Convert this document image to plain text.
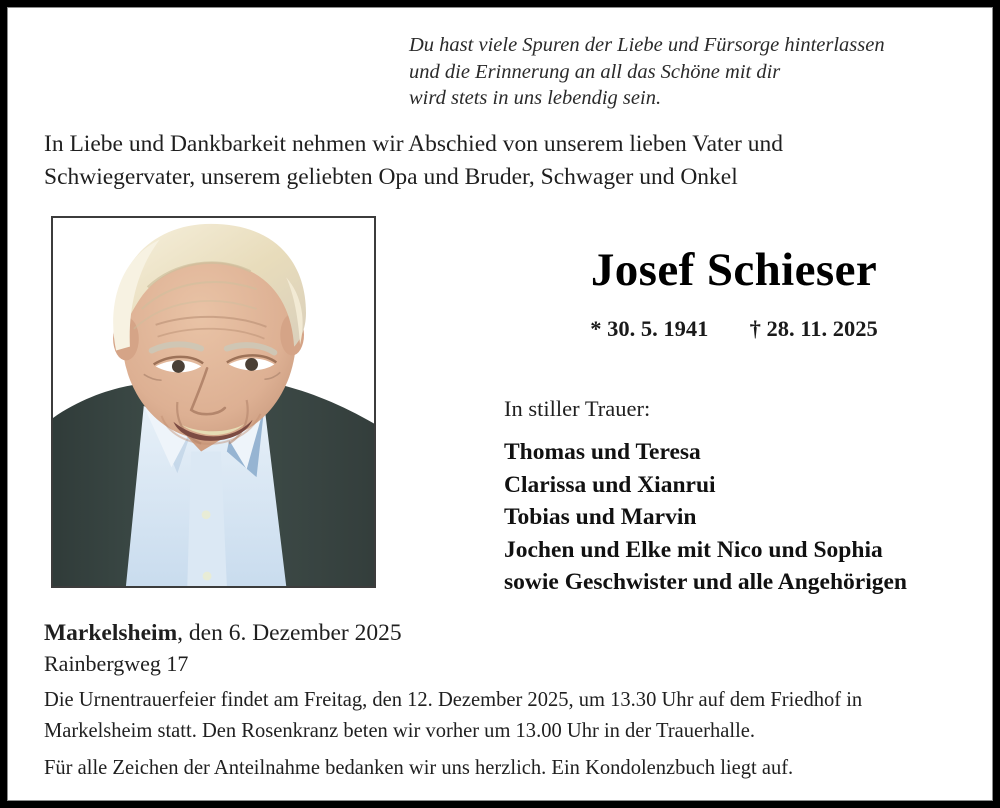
Du hast viele Spuren der Liebe und Fürsorge hinterlassen
und die Erinnerung an all das Schöne mit dir
wird stets in uns lebendig sein.
In Liebe und Dankbarkeit nehmen wir Abschied von unserem lieben Vater und
Schwiegervater, unserem geliebten Opa und Bruder, Schwager und Onkel
Josef Schieser
* 30. 5. 1941 † 28. 11. 2025
In stiller Trauer:
Thomas und Teresa
Clarissa und Xianrui
Tobias und Marvin
Jochen und Elke mit Nico und Sophia
sowie Geschwister und alle Angehörigen
Markelsheim, den 6. Dezember 2025
Rainbergweg 17
Die Urnentrauerfeier findet am Freitag, den 12. Dezember 2025, um 13.30 Uhr auf dem Friedhof in
Markelsheim statt. Den Rosenkranz beten wir vorher um 13.00 Uhr in der Trauerhalle.
Für alle Zeichen der Anteilnahme bedanken wir uns herzlich. Ein Kondolenzbuch liegt auf.
